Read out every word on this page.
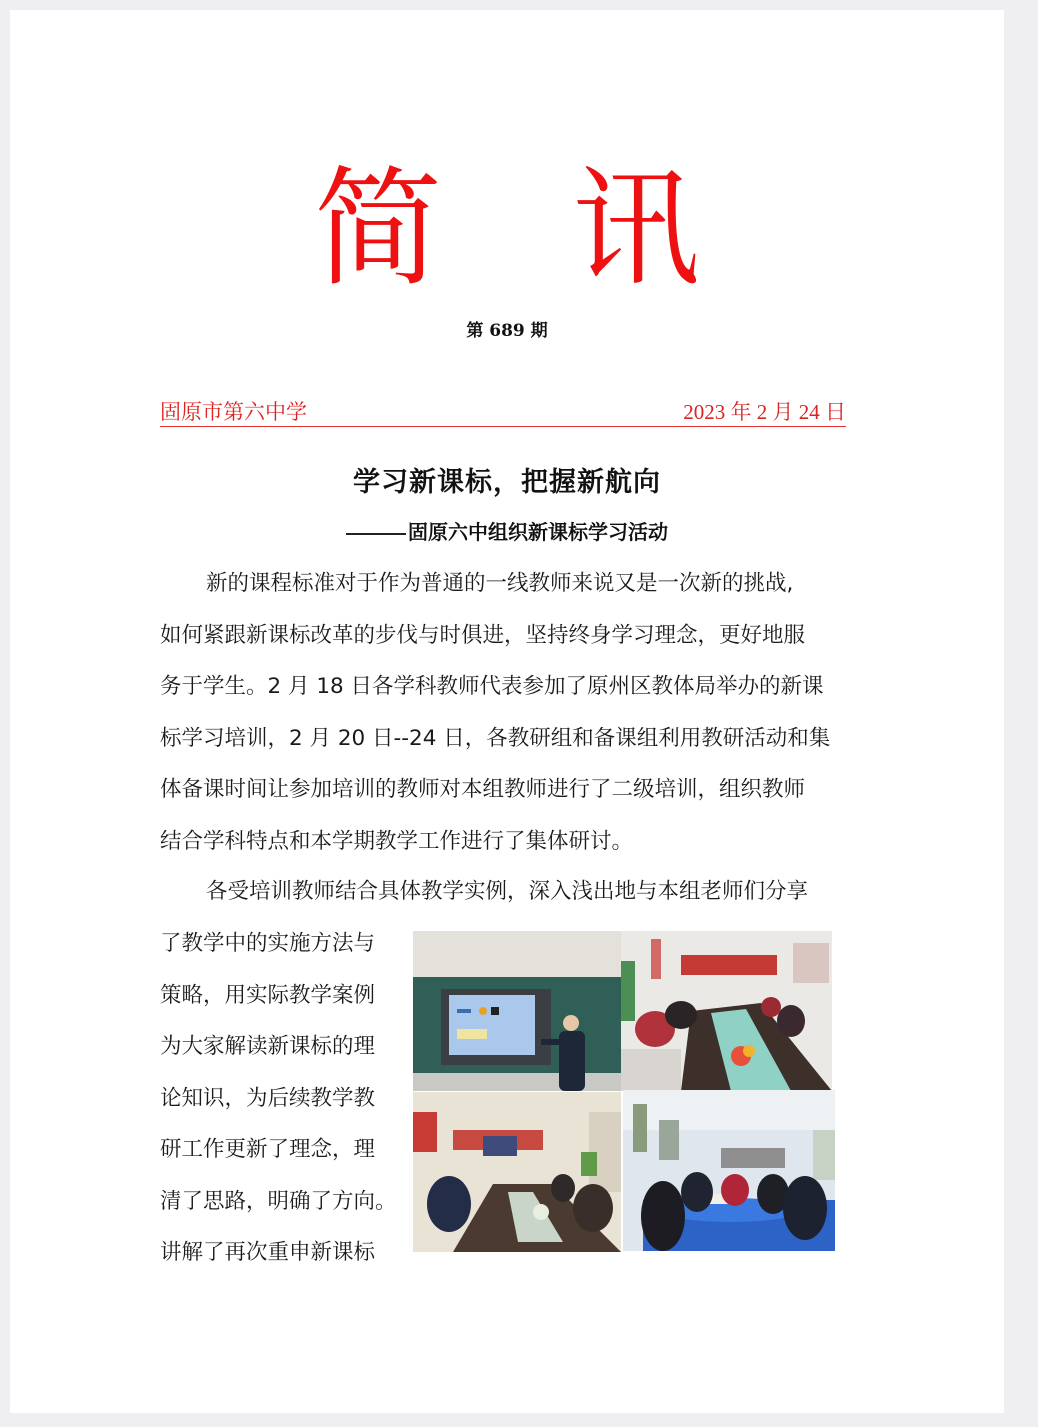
简 讯
第 689 期
固原市第六中学	2023 年 2 月 24 日
学习新课标，把握新航向
固原六中组织新课标学习活动
新的课程标准对于作为普通的一线教师来说又是一次新的挑战,
如何紧跟新课标改革的步伐与时俱进，坚持终身学习理念，更好地服
务于学生。2 月 18 日各学科教师代表参加了原州区教体局举办的新课
标学习培训，2 月 20 日--24 日，各教研组和备课组利用教研活动和集
体备课时间让参加培训的教师对本组教师进行了二级培训，组织教师
结合学科特点和本学期教学工作进行了集体研讨。
各受培训教师结合具体教学实例，深入浅出地与本组老师们分享
了教学中的实施方法与
策略，用实际教学案例
为大家解读新课标的理
论知识，为后续教学教
研工作更新了理念，理
清了思路，明确了方向。
讲解了再次重申新课标
